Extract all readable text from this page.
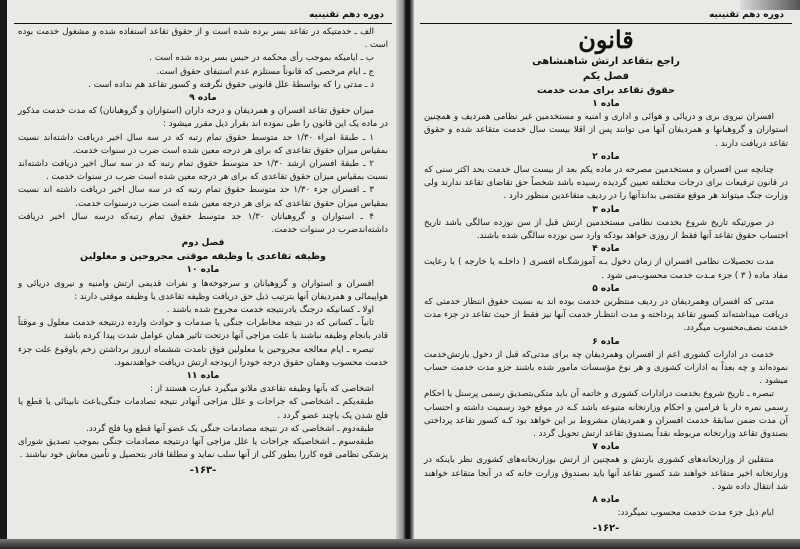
دوره دهم تقنینیه
الف ـ خدمتیکه در تقاعد بسر برده شده است و از حقوق تقاعد استفاده شده و مشغول خدمت بوده است .
ب ـ ایامیکه بموجب رأی محکمه در حبس بسر برده شده است .
ج ـ ایام مرخصی که قانوناً مستلزم عدم استیفای حقوق است.
د ـ مدتی را که بواسطهٔ علل قانونی حقوق نگرفته و کسور تقاعد هم نداده است .
ماده ۹
میزان حقوق تقاعد افسران و همردیفان و درجه داران (استواران و گروهبانان) که مدت خدمت مذکور در ماده یک این قانون را طی نموده اند بقرار ذیل مقرر میشود :
۱ ـ طبقهٔ امراء ۱/۳۰ حد متوسط حقوق تمام رتبه که در سه سال اخیر دریافت داشته‌اند نسبت بمقیاس میزان حقوق تقاعدی که برای هر درجه معین شده است ضرب در سنوات خدمت.
۲ ـ طبقهٔ افسران ارشد ۱/۳۰ حد متوسط حقوق تمام رتبه که در سه سال اخیر دریافت داشته‌اند نسبت بمقیاس میزان حقوق تقاعدی که برای هر درجه معین شده است ضرب در سنوات خدمت .
۳ ـ افسران جزء ۱/۳۰ حد متوسط حقوق تمام رتبه که در سه سال اخیر دریافت داشته اند نسبت بمقیاس میزان حقوق تقاعدی که برای هر درجه معین شده است ضرب درسنوات خدمت.
۴ ـ استواران و گروهبانان ۱/۳۰ حد متوسط حقوق تمام رتبه‌که درسه سال اخیر دریافت داشته‌اندضرب در سنوات خدمت.
فصل دوم
وظیفه تقاعدی یا وظیفه موقتی مجروحین و معلولین
ماده ۱۰
افسران و استواران و گروهبانان و سرجوخه‌ها و نفرات قدیمی ارتش وامنیه و نیروی دریائی و هواپیمائی و همردیفان آنها بترتیب ذیل حق دریافت وظیفه تقاعدی یا وظیفه موقتی دارند :
اولا ـ کسانیکه درجنگ یادرنتیجه خدمت مجروح شده باشند .
ثانیاً ـ کسانی که در نتیجه مخاطرات جنگی یا صدمات و حوادث وارده درنتیجه خدمت معلول و موقتاً قادر بانجام وظیفه نباشند یا علت مزاجی آنها درتحت تاثیر همان عوامل شدت پیدا کرده باشد
تبصره ـ ایام معالجه مجروحین یا معلولین فوق تامدت ششماه ازروز برداشتن زخم یاوقوع علت جزء خدمت محسوب وهمان حقوق درجه خودرا ازبودجه ارتش دریافت خواهندنمود.
ماده ۱۱
اشخاصی که بآنها وظیفه تقاعدی ملاتو میگیرد عبارت هستند از :
طبقه‌یکم ـ اشخاصی که جراحات و علل مزاجی آنهادر نتیجه تصادمات جنگی‌باعث نابینائی یا قطع یا فلج شدن یک یاچند عضو گردد .
طبقه‌دوم ـ اشخاصی که در نتیجه مصادمات جنگی یک عضو آنها قطع ویا فلج گردد.
طبقه‌سوم ـ اشخاصیکه جراحات یا علل مزاجی آنها درنتیجه مصادمات جنگی بموجب تصدیق شورای پزشکی نظامی قوه کاررا بطور کلی از آنها سلب نماید و مطلقا قادر بتحصیل و تأمین معاش خود نباشند .
-۱۶۳-
دوره دهم تقنینیه
قانون
راجع بتقاعد ارتش شاهنشاهی
فصل یکم
حقوق تقاعد برای مدت خدمت
ماده ۱
افسران نیروی بری و دریائی و هوائی و اداری و امنیه و مستخدمین غیر نظامی همردیف و همچنین استواران و گروهبانها و همردیفان آنها می توانند پس از اقلا بیست سال خدمت متقاعد شده و حقوق تقاعد دریافت دارند .
ماده ۲
چنانچه سن افسران و مستخدمین مصرحه در ماده یکم بعد از بیست سال خدمت بحد اکثر سنی که در قانون ترفیعات برای درجات مختلفه تعیین گردیده رسیده باشد شخصاً حق تقاضای تقاعد ندارند ولی وزارت جنگ میتواند هر موقع مقتضی بداندآنها را در ردیف متقاعدین منظور دارد .
ماده ۳
در صورتیکه تاریخ شروع بخدمت نظامی مستخدمین ارتش قبل از سن نوزده سالگی باشد تاریخ احتساب حقوق تقاعد آنها فقط از روزی خواهد بودکه وارد سن نوزده سالگی شده باشند.
ماده ۴
مدت تحصیلات نظامی افسران از زمان دخول بـه آموزشگـاه افسری ( داخلـه یا خارجه ) با رعایت مفاد ماده ( ۳ ) جزء مـدت خدمت محسوب‌می شود .
ماده ۵
مدتی که افسران وهمردیفان در ردیف منتظرین خدمت بوده اند به نسبت حقوق انتظار خدمتی که دریافت میداشته‌اند کسور تقاعد پرداخته و مدت انتظـار خدمت آنها نیز فقط از حیث تقاعد در جزء مدت خدمت نصف‌محسوب میگردد.
ماده ۶
خدمت در ادارات کشوری اعم از افسران وهمردیفان چه برای مدتی‌که قبل از دخول بارتش‌خدمت نموده‌اند و چه بعداً به ادارات کشوری و هر نوع مؤسسات مامور شده باشند جزو مدت خدمت حساب میشود .
تبصره ـ تاریخ شروع بخدمت درادارات کشوری و خاتمه آن باید متکی‌بتصدیق رسمی پرسنل یا احکام رسمی نمره دار یا فرامین و احکام وزارتخانه متبوعه باشد کـه در موقع خود رسمیت داشته و احتساب آن مدت ضمن سابقهٔ خدمت افسران و همردیفان مشروط بر این خواهد بود کـه کسور تقاعد پرداختی بصندوق تقاعد وزارتخانه مربوطه نقداً بصندوق تقاعد ارتش تحویل گردد .
ماده ۷
منتقلین از وزارتخانه‌های کشوری بارتش و همچنین از ارتش بوزارتخانه‌های کشوری نظر باینکه در وزارتخانه اخیر متقاعد خواهند شد کسور تقاعد آنها باید بصندوق وزارت خانه که در آنجا متقاعد خواهند شد انتقال داده شود .
ماده ۸
ایام ذیل جزء مدت خدمت محسوب نمیگردد:
-۱۶۲-
